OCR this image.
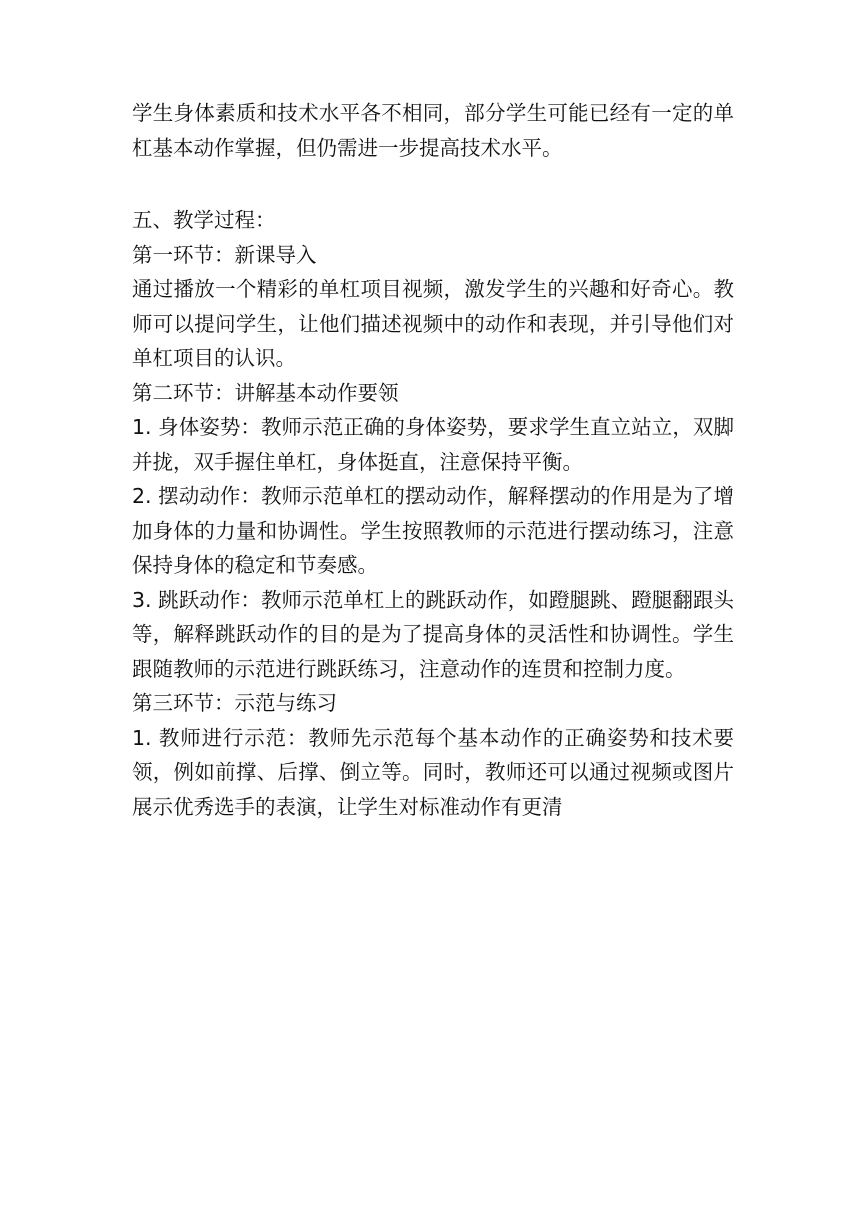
学生身体素质和技术水平各不相同，部分学生可能已经有一定的单杠基本动作掌握，但仍需进一步提高技术水平。

五、教学过程：

第一环节：新课导入

通过播放一个精彩的单杠项目视频，激发学生的兴趣和好奇心。教师可以提问学生，让他们描述视频中的动作和表现，并引导他们对单杠项目的认识。

第二环节：讲解基本动作要领

1. 身体姿势：教师示范正确的身体姿势，要求学生直立站立，双脚并拢，双手握住单杠，身体挺直，注意保持平衡。

2. 摆动动作：教师示范单杠的摆动动作，解释摆动的作用是为了增加身体的力量和协调性。学生按照教师的示范进行摆动练习，注意保持身体的稳定和节奏感。

3. 跳跃动作：教师示范单杠上的跳跃动作，如蹬腿跳、蹬腿翻跟头等，解释跳跃动作的目的是为了提高身体的灵活性和协调性。学生跟随教师的示范进行跳跃练习，注意动作的连贯和控制力度。

第三环节：示范与练习

1. 教师进行示范：教师先示范每个基本动作的正确姿势和技术要领，例如前撑、后撑、倒立等。同时，教师还可以通过视频或图片展示优秀选手的表演，让学生对标准动作有更清
